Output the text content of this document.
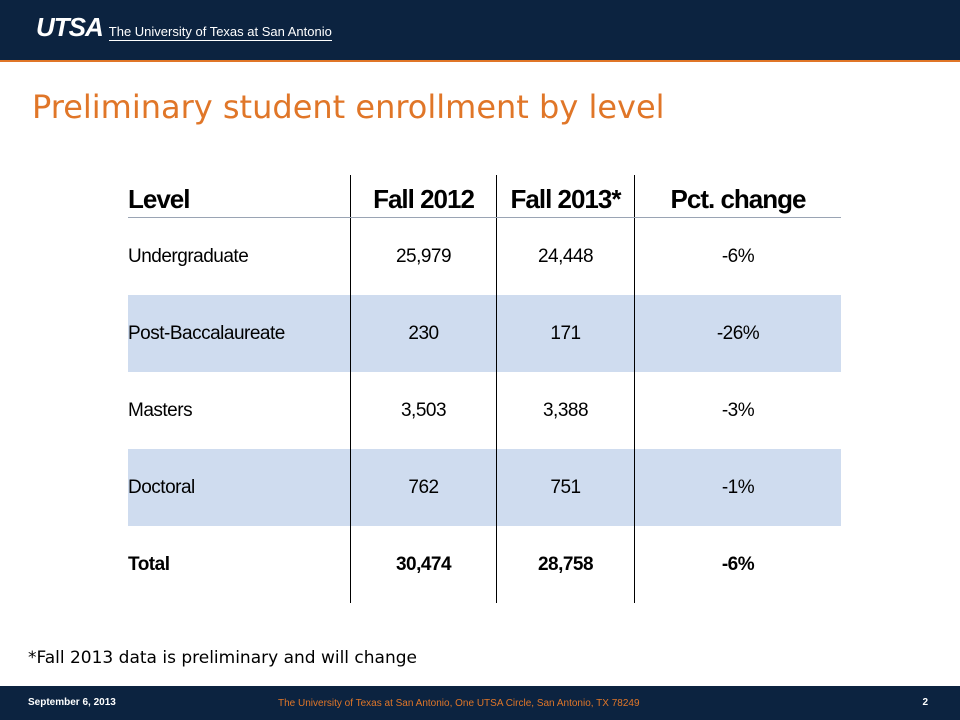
UTSA The University of Texas at San Antonio
Preliminary student enrollment by level
Level	Fall 2012	Fall 2013*	Pct. change
Undergraduate	25,979	24,448	-6%
Post-Baccalaureate	230	171	-26%
Masters	3,503	3,388	-3%
Doctoral	762	751	-1%
Total	30,474	28,758	-6%
*Fall 2013 data is preliminary and will change
September 6, 2013	The University of Texas at San Antonio, One UTSA Circle, San Antonio, TX 78249	2
